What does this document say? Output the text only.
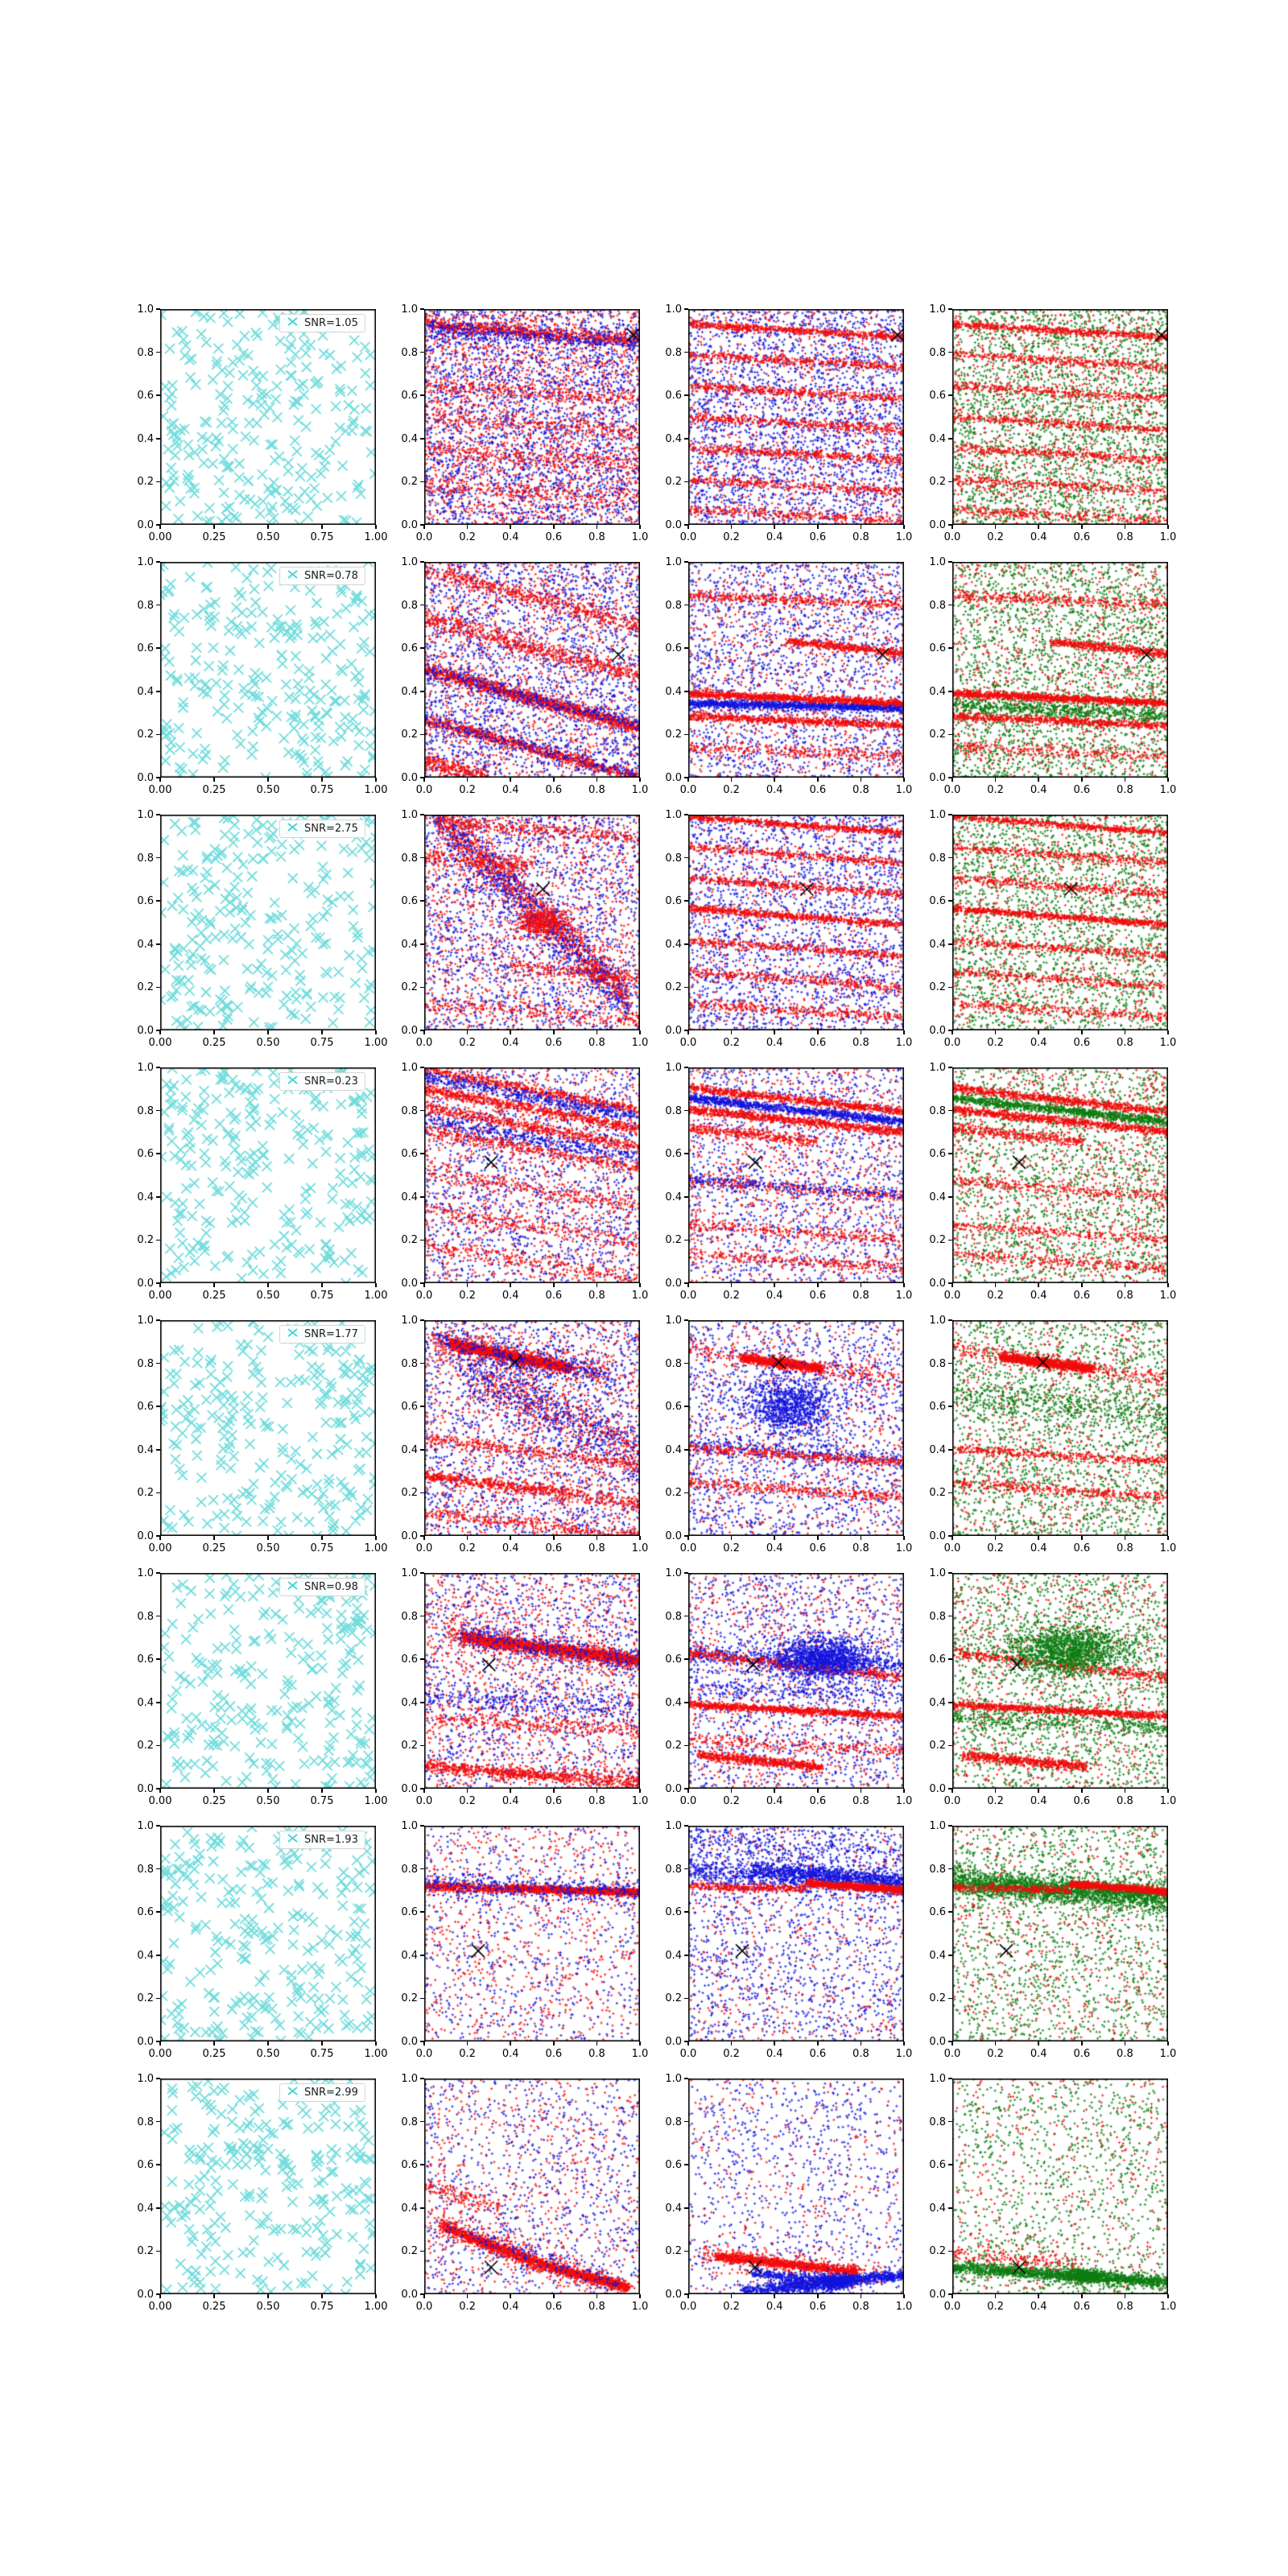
0.00	0.25	0.50	0.75	1.00
0.0
0.2
0.4
0.6
0.8
1.0
SNR=1.05
0.0	0.2	0.4	0.6	0.8	1.0
0.0
0.2
0.4
0.6
0.8
1.0
0.0	0.2	0.4	0.6	0.8	1.0
0.0
0.2
0.4
0.6
0.8
1.0
0.0	0.2	0.4	0.6	0.8	1.0
0.0
0.2
0.4
0.6
0.8
1.0
0.00	0.25	0.50	0.75	1.00
0.0
0.2
0.4
0.6
0.8
1.0
SNR=0.78
0.0	0.2	0.4	0.6	0.8	1.0
0.0
0.2
0.4
0.6
0.8
1.0
0.0	0.2	0.4	0.6	0.8	1.0
0.0
0.2
0.4
0.6
0.8
1.0
0.0	0.2	0.4	0.6	0.8	1.0
0.0
0.2
0.4
0.6
0.8
1.0
0.00	0.25	0.50	0.75	1.00
0.0
0.2
0.4
0.6
0.8
1.0
SNR=2.75
0.0	0.2	0.4	0.6	0.8	1.0
0.0
0.2
0.4
0.6
0.8
1.0
0.0	0.2	0.4	0.6	0.8	1.0
0.0
0.2
0.4
0.6
0.8
1.0
0.0	0.2	0.4	0.6	0.8	1.0
0.0
0.2
0.4
0.6
0.8
1.0
0.00	0.25	0.50	0.75	1.00
0.0
0.2
0.4
0.6
0.8
1.0
SNR=0.23
0.0	0.2	0.4	0.6	0.8	1.0
0.0
0.2
0.4
0.6
0.8
1.0
0.0	0.2	0.4	0.6	0.8	1.0
0.0
0.2
0.4
0.6
0.8
1.0
0.0	0.2	0.4	0.6	0.8	1.0
0.0
0.2
0.4
0.6
0.8
1.0
0.00	0.25	0.50	0.75	1.00
0.0
0.2
0.4
0.6
0.8
1.0
SNR=1.77
0.0	0.2	0.4	0.6	0.8	1.0
0.0
0.2
0.4
0.6
0.8
1.0
0.0	0.2	0.4	0.6	0.8	1.0
0.0
0.2
0.4
0.6
0.8
1.0
0.0	0.2	0.4	0.6	0.8	1.0
0.0
0.2
0.4
0.6
0.8
1.0
0.00	0.25	0.50	0.75	1.00
0.0
0.2
0.4
0.6
0.8
1.0
SNR=0.98
0.0	0.2	0.4	0.6	0.8	1.0
0.0
0.2
0.4
0.6
0.8
1.0
0.0	0.2	0.4	0.6	0.8	1.0
0.0
0.2
0.4
0.6
0.8
1.0
0.0	0.2	0.4	0.6	0.8	1.0
0.0
0.2
0.4
0.6
0.8
1.0
0.00	0.25	0.50	0.75	1.00
0.0
0.2
0.4
0.6
0.8
1.0
SNR=1.93
0.0	0.2	0.4	0.6	0.8	1.0
0.0
0.2
0.4
0.6
0.8
1.0
0.0	0.2	0.4	0.6	0.8	1.0
0.0
0.2
0.4
0.6
0.8
1.0
0.0	0.2	0.4	0.6	0.8	1.0
0.0
0.2
0.4
0.6
0.8
1.0
0.00	0.25	0.50	0.75	1.00
0.0
0.2
0.4
0.6
0.8
1.0
SNR=2.99
0.0	0.2	0.4	0.6	0.8	1.0
0.0
0.2
0.4
0.6
0.8
1.0
0.0	0.2	0.4	0.6	0.8	1.0
0.0
0.2
0.4
0.6
0.8
1.0
0.0	0.2	0.4	0.6	0.8	1.0
0.0
0.2
0.4
0.6
0.8
1.0
